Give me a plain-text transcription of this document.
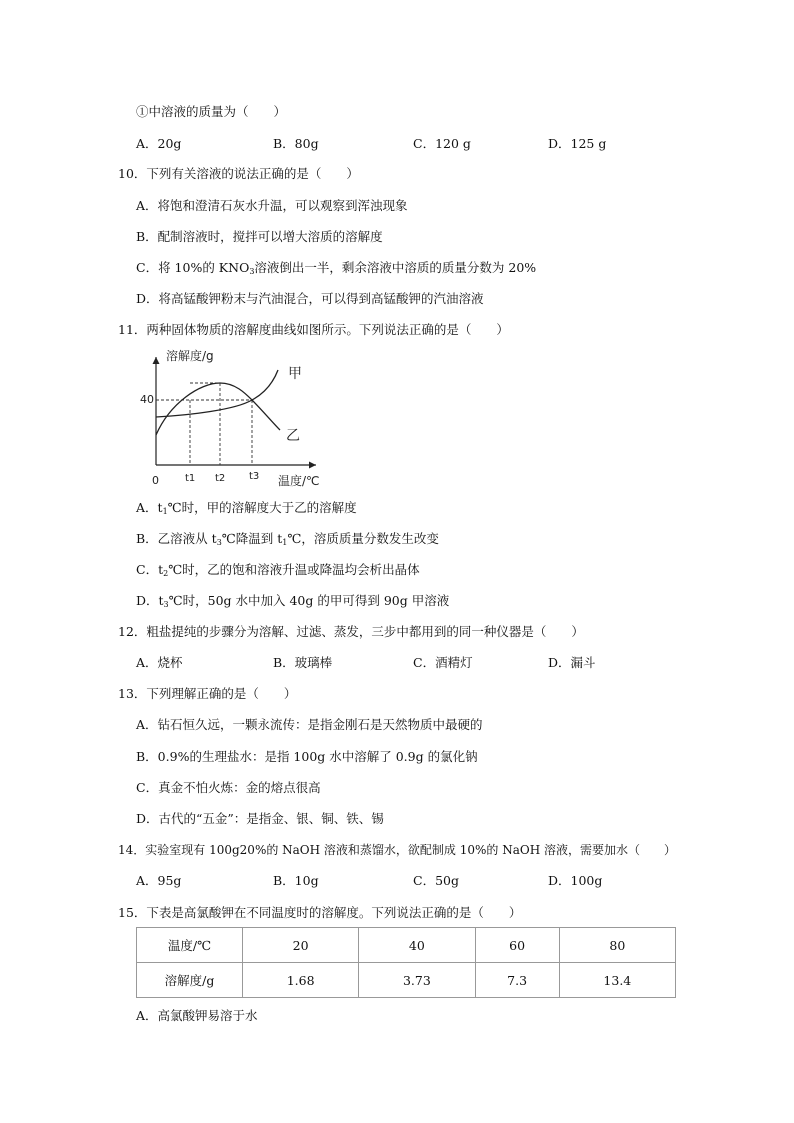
①中溶液的质量为（　　）
A．20g	B．80g	C．120 g	D．125 g
10．下列有关溶液的说法正确的是（　　）
A．将饱和澄清石灰水升温，可以观察到浑浊现象
B．配制溶液时，搅拌可以增大溶质的溶解度
C．将 10%的 $KNO_3$溶液倒出一半，剩余溶液中溶质的质量分数为 20%
D．将高锰酸钾粉末与汽油混合，可以得到高锰酸钾的汽油溶液
11．两种固体物质的溶解度曲线如图所示。下列说法正确的是（　　）
溶解度/g
温度/℃
0
40
t1 t2 t3
甲
乙
A．$t_1℃$时，甲的溶解度大于乙的溶解度
B．乙溶液从 $t_3℃$降温到 $t_1℃$，溶质质量分数发生改变
C．$t_2℃$时，乙的饱和溶液升温或降温均会析出晶体
D．$t_3℃$时，50g 水中加入 40g 的甲可得到 90g 甲溶液
12．粗盐提纯的步骤分为溶解、过滤、蒸发，三步中都用到的同一种仪器是（　　）
A．烧杯	B．玻璃棒	C．酒精灯	D．漏斗
13．下列理解正确的是（　　）
A．钻石恒久远，一颗永流传：是指金刚石是天然物质中最硬的
B．0.9%的生理盐水：是指 100g 水中溶解了 0.9g 的氯化钠
C．真金不怕火炼：金的熔点很高
D．古代的“五金”：是指金、银、铜、铁、锡
14．实验室现有 100g20%的 NaOH 溶液和蒸馏水，欲配制成 10%的 NaOH 溶液，需要加水（　　）
A．95g	B．10g	C．50g	D．100g
15．下表是高氯酸钾在不同温度时的溶解度。下列说法正确的是（　　）
温度/℃	20	40	60	80
溶解度/g	1.68	3.73	7.3	13.4
A．高氯酸钾易溶于水
